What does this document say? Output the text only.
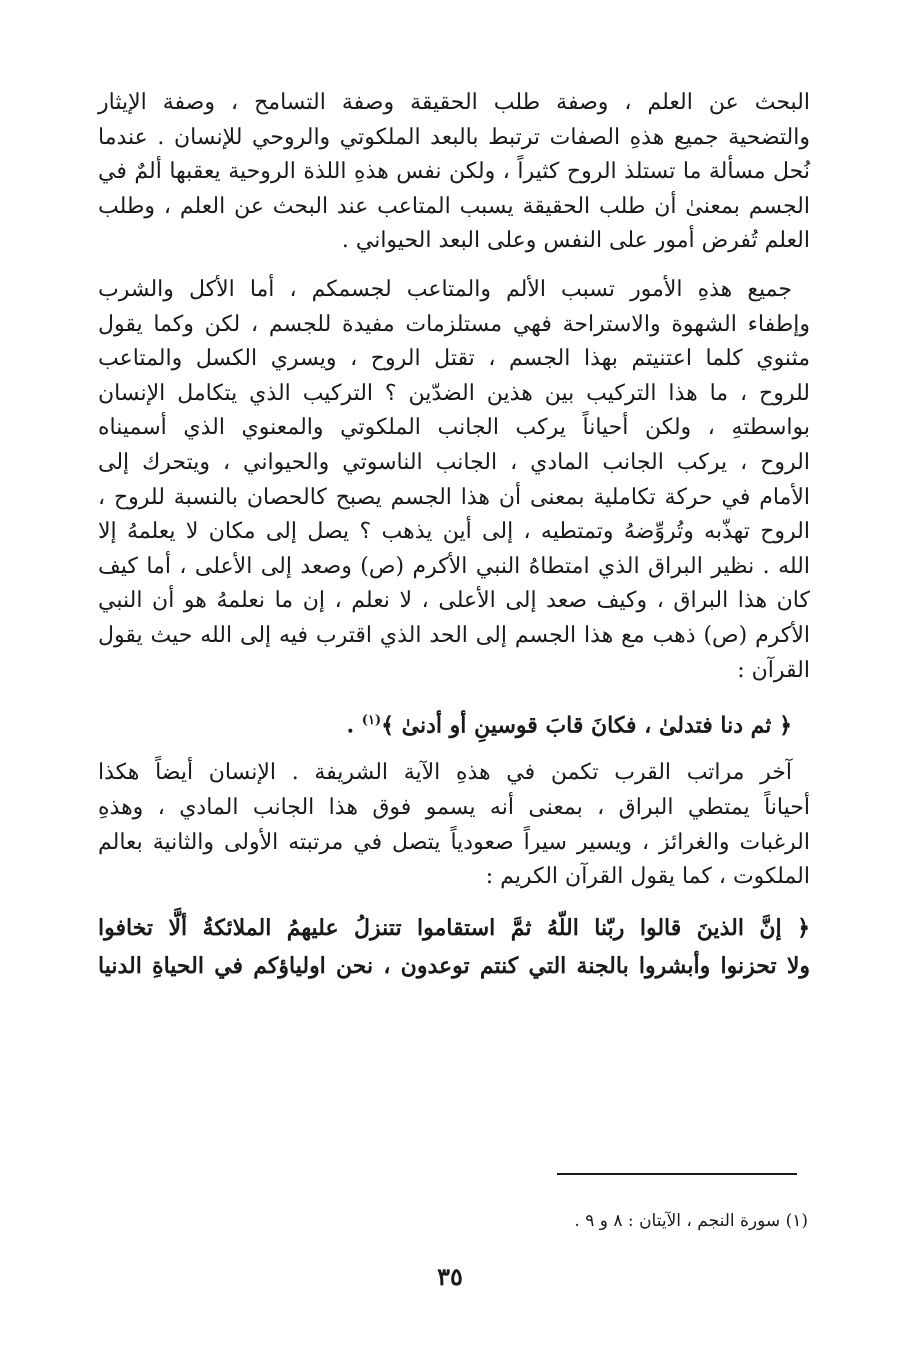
البحث عن العلم ، وصفة طلب الحقيقة وصفة التسامح ، وصفة الإيثار
والتضحية جميع هذهِ الصفات ترتبط بالبعد الملكوتي والروحي للإنسان . عندما
نُحل مسألة ما تستلذ الروح كثيراً ، ولكن نفس هذهِ اللذة الروحية يعقبها ألمٌ في
الجسم بمعنىٰ أن طلب الحقيقة يسبب المتاعب عند البحث عن العلم ، وطلب
العلم تُفرض أمور على النفس وعلى البعد الحيواني .
جميع هذهِ الأمور تسبب الألم والمتاعب لجسمكم ، أما الأكل والشرب
وإطفاء الشهوة والاستراحة فهي مستلزمات مفيدة للجسم ، لكن وكما يقول
مثنوي كلما اعتنيتم بهذا الجسم ، تقتل الروح ، ويسري الكسل والمتاعب
للروح ، ما هذا التركيب بين هذين الضدّين ؟ التركيب الذي يتكامل الإنسان
بواسطتهِ ، ولكن أحياناً يركب الجانب الملكوتي والمعنوي الذي أسميناه
الروح ، يركب الجانب المادي ، الجانب الناسوتي والحيواني ، ويتحرك إلى
الأمام في حركة تكاملية بمعنى أن هذا الجسم يصبح كالحصان بالنسبة للروح ،
الروح تهذّبه وتُروِّضهُ وتمتطيه ، إلى أين يذهب ؟ يصل إلى مكان لا يعلمهُ إلا
الله . نظير البراق الذي امتطاهُ النبي الأكرم (ص) وصعد إلى الأعلى ، أما كيف
كان هذا البراق ، وكيف صعد إلى الأعلى ، لا نعلم ، إن ما نعلمهُ هو أن النبي
الأكرم (ص) ذهب مع هذا الجسم إلى الحد الذي اقترب فيه إلى الله حيث يقول
القرآن :
﴿ ثم دنا فتدلىٰ ، فكانَ قابَ قوسينِ أو أدنىٰ ﴾$^{(١)}$ .
آخر مراتب القرب تكمن في هذهِ الآية الشريفة . الإنسان أيضاً هكذا
أحياناً يمتطي البراق ، بمعنى أنه يسمو فوق هذا الجانب المادي ، وهذهِ
الرغبات والغرائز ، ويسير سيراً صعودياً يتصل في مرتبته الأولى والثانية بعالم
الملكوت ، كما يقول القرآن الكريم :
﴿ إنَّ الذينَ قالوا ربّنا اللّهُ ثمَّ استقاموا تتنزلُ عليهمُ الملائكةُ ألَّا تخافوا
ولا تحزنوا وأبشروا بالجنة التي كنتم توعدون ، نحن اولياؤكم في الحياةِ الدنيا
(١) سورة النجم ، الآيتان : ٨ و ٩ .
٣٥
